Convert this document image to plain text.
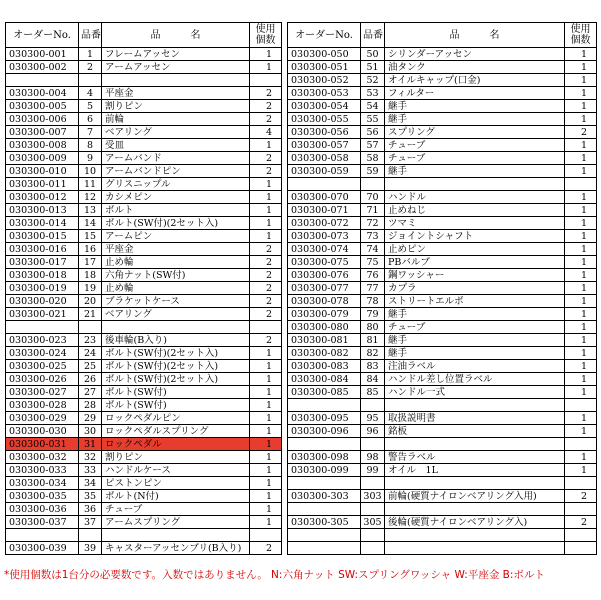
オーダーNo.	品番	品　　　名	使用
個数
030300-001	1	フレームアッセン	1
030300-002	2	アームアッセン	1

030300-004	4	平座金	2
030300-005	5	割りピン	2
030300-006	6	前輪	2
030300-007	7	ベアリング	4
030300-008	8	受皿	1
030300-009	9	アームバンド	2
030300-010	10	アームバンドピン	2
030300-011	11	グリスニップル	1
030300-012	12	カシメピン	1
030300-013	13	ボルト	1
030300-014	14	ボルト(SW付)(2セット入)	1
030300-015	15	アームピン	1
030300-016	16	平座金	2
030300-017	17	止め輪	2
030300-018	18	六角ナット(SW付)	2
030300-019	19	止め輪	2
030300-020	20	ブラケットケース	2
030300-021	21	ベアリング	2

030300-023	23	後車輪(B入り)	2
030300-024	24	ボルト(SW付)(2セット入)	1
030300-025	25	ボルト(SW付)(2セット入)	1
030300-026	26	ボルト(SW付)(2セット入)	1
030300-027	27	ボルト(SW付)	1
030300-028	28	ボルト(SW付)	1
030300-029	29	ロックペダルピン	1
030300-030	30	ロックペダルスプリング	1
030300-031	31	ロックペダル	1
030300-032	32	割りピン	1
030300-033	33	ハンドルケース	1
030300-034	34	ピストンピン	1
030300-035	35	ボルト(N付)	1
030300-036	36	チューブ	1
030300-037	37	アームスプリング	1

030300-039	39	キャスターアッセンブリ(B入り)	2
オーダーNo.	品番	品　　　名	使用
個数
030300-050	50	シリンダーアッセン	1
030300-051	51	油タンク	1
030300-052	52	オイルキャップ(口金)	1
030300-053	53	フィルター	1
030300-054	54	継手	1
030300-055	55	継手	1
030300-056	56	スプリング	2
030300-057	57	チューブ	1
030300-058	58	チューブ	1
030300-059	59	継手	1

030300-070	70	ハンドル	1
030300-071	71	止めねじ	1
030300-072	72	ツマミ	1
030300-073	73	ジョイントシャフト	1
030300-074	74	止めピン	1
030300-075	75	PBバルブ	1
030300-076	76	鋼ワッシャー	1
030300-077	77	カプラ	1
030300-078	78	ストリートエルボ	1
030300-079	79	継手	1
030300-080	80	チューブ	1
030300-081	81	継手	1
030300-082	82	継手	1
030300-083	83	注油ラベル	1
030300-084	84	ハンドル差し位置ラベル	1
030300-085	85	ハンドル一式	1

030300-095	95	取扱説明書	1
030300-096	96	銘板	1

030300-098	98	警告ラベル	1
030300-099	99	オイル　1L	1

030300-303	303	前輪(硬質ナイロンベアリング入用)	2

030300-305	305	後輪(硬質ナイロンベアリング入)	2

*使用個数は1台分の必要数です。入数ではありません。 N:六角ナット SW:スプリングワッシャ W:平座金 B:ボルト
